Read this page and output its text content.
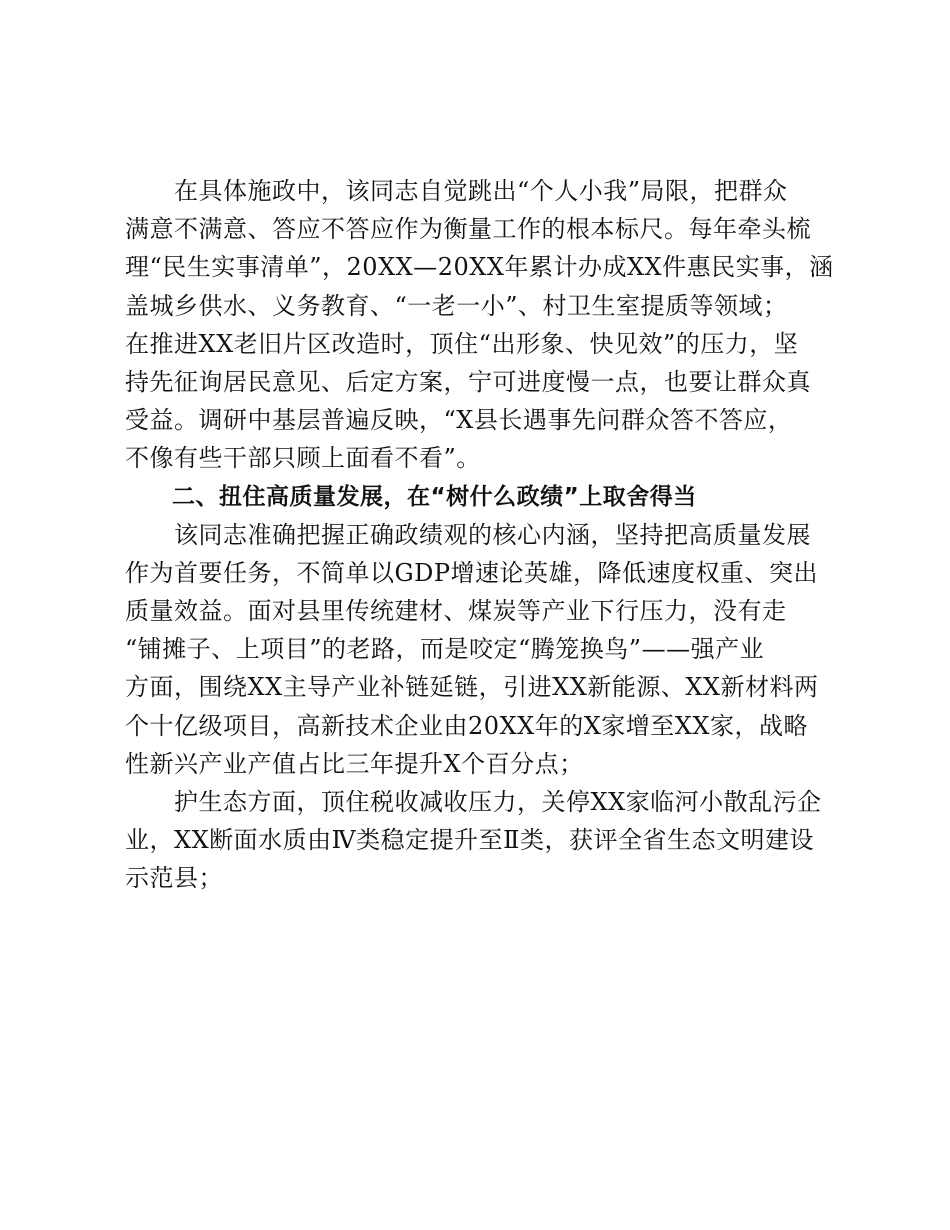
　　在具体施政中，该同志自觉跳出“个人小我”局限，把群众
满意不满意、答应不答应作为衡量工作的根本标尺。每年牵头梳
理“民生实事清单”，20XX—20XX年累计办成XX件惠民实事，涵
盖城乡供水、义务教育、“一老一小”、村卫生室提质等领域；
在推进XX老旧片区改造时，顶住“出形象、快见效”的压力，坚
持先征询居民意见、后定方案，宁可进度慢一点，也要让群众真
受益。调研中基层普遍反映，“X县长遇事先问群众答不答应，
不像有些干部只顾上面看不看”。
　　二、扭住高质量发展，在“树什么政绩”上取舍得当
　　该同志准确把握正确政绩观的核心内涵，坚持把高质量发展
作为首要任务，不简单以GDP增速论英雄，降低速度权重、突出
质量效益。面对县里传统建材、煤炭等产业下行压力，没有走
“铺摊子、上项目”的老路，而是咬定“腾笼换鸟”——强产业
方面，围绕XX主导产业补链延链，引进XX新能源、XX新材料两
个十亿级项目，高新技术企业由20XX年的X家增至XX家，战略
性新兴产业产值占比三年提升X个百分点；
　　护生态方面，顶住税收减收压力，关停XX家临河小散乱污企
业，XX断面水质由Ⅳ类稳定提升至Ⅱ类，获评全省生态文明建设
示范县；
